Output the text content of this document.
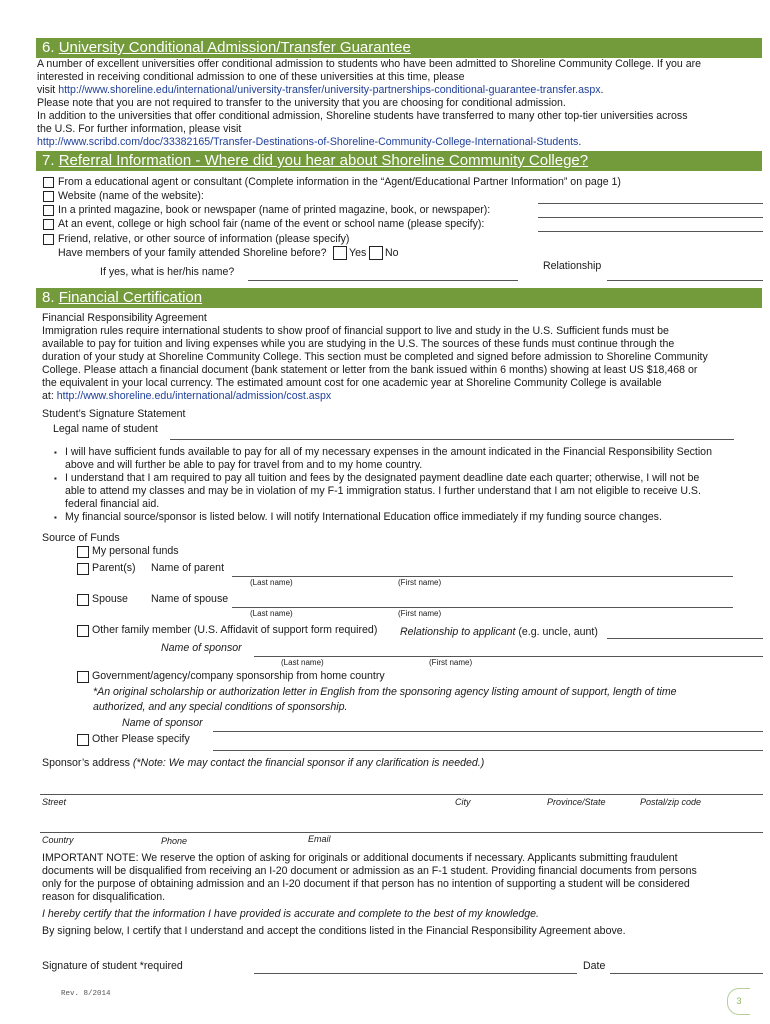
6. University Conditional Admission/Transfer Guarantee
A number of excellent universities offer conditional admission to students who have been admitted to Shoreline Community College. If you are
interested in receiving conditional admission to one of these universities at this time, please
visit http://www.shoreline.edu/international/university-transfer/university-partnerships-conditional-guarantee-transfer.aspx.
Please note that you are not required to transfer to the university that you are choosing for conditional admission.
In addition to the universities that offer conditional admission, Shoreline students have transferred to many other top-tier universities across
the U.S. For further information, please visit
http://www.scribd.com/doc/33382165/Transfer-Destinations-of-Shoreline-Community-College-International-Students.
7. Referral Information - Where did you hear about Shoreline Community College?
From a educational agent or consultant (Complete information in the “Agent/Educational Partner Information” on page 1)
Website (name of the website):
In a printed magazine, book or newspaper (name of printed magazine, book, or newspaper):
At an event, college or high school fair (name of the event or school name (please specify):
Friend, relative, or other source of information (please specify)
Have members of your family attended Shoreline before? Yes No
Relationship
If yes, what is her/his name?
8. Financial Certification
Financial Responsibility Agreement
Immigration rules require international students to show proof of financial support to live and study in the U.S. Sufficient funds must be
available to pay for tuition and living expenses while you are studying in the U.S. The sources of these funds must continue through the
duration of your study at Shoreline Community College. This section must be completed and signed before admission to Shoreline Community
College. Please attach a financial document (bank statement or letter from the bank issued within 6 months) showing at least US $18,468 or
the equivalent in your local currency. The estimated amount cost for one academic year at Shoreline Community College is available
at: http://www.shoreline.edu/international/admission/cost.aspx
Student’s Signature Statement
Legal name of student
▪ I will have sufficient funds available to pay for all of my necessary expenses in the amount indicated in the Financial Responsibility Section
above and will further be able to pay for travel from and to my home country.
▪ I understand that I am required to pay all tuition and fees by the designated payment deadline date each quarter; otherwise, I will not be
able to attend my classes and may be in violation of my F-1 immigration status. I further understand that I am not eligible to receive U.S.
federal financial aid.
▪ My financial source/sponsor is listed below. I will notify International Education office immediately if my funding source changes.
Source of Funds
My personal funds
Parent(s) Name of parent
(Last name)	(First name)
Spouse Name of spouse
(Last name)	(First name)
Other family member (U.S. Affidavit of support form required) Relationship to applicant (e.g. uncle, aunt)
Name of sponsor
(Last name)	(First name)
Government/agency/company sponsorship from home country
*An original scholarship or authorization letter in English from the sponsoring agency listing amount of support, length of time
authorized, and any special conditions of sponsorship.
Name of sponsor
Other Please specify
Sponsor’s address (*Note: We may contact the financial sponsor if any clarification is needed.)
Street	City	Province/State	Postal/zip code
Country	Phone	Email
IMPORTANT NOTE: We reserve the option of asking for originals or additional documents if necessary. Applicants submitting fraudulent
documents will be disqualified from receiving an I-20 document or admission as an F-1 student. Providing financial documents from persons
only for the purpose of obtaining admission and an I-20 document if that person has no intention of supporting a student will be considered
reason for disqualification.
I hereby certify that the information I have provided is accurate and complete to the best of my knowledge.
By signing below, I certify that I understand and accept the conditions listed in the Financial Responsibility Agreement above.
Signature of student *required	Date
Rev. 8/2014
3
